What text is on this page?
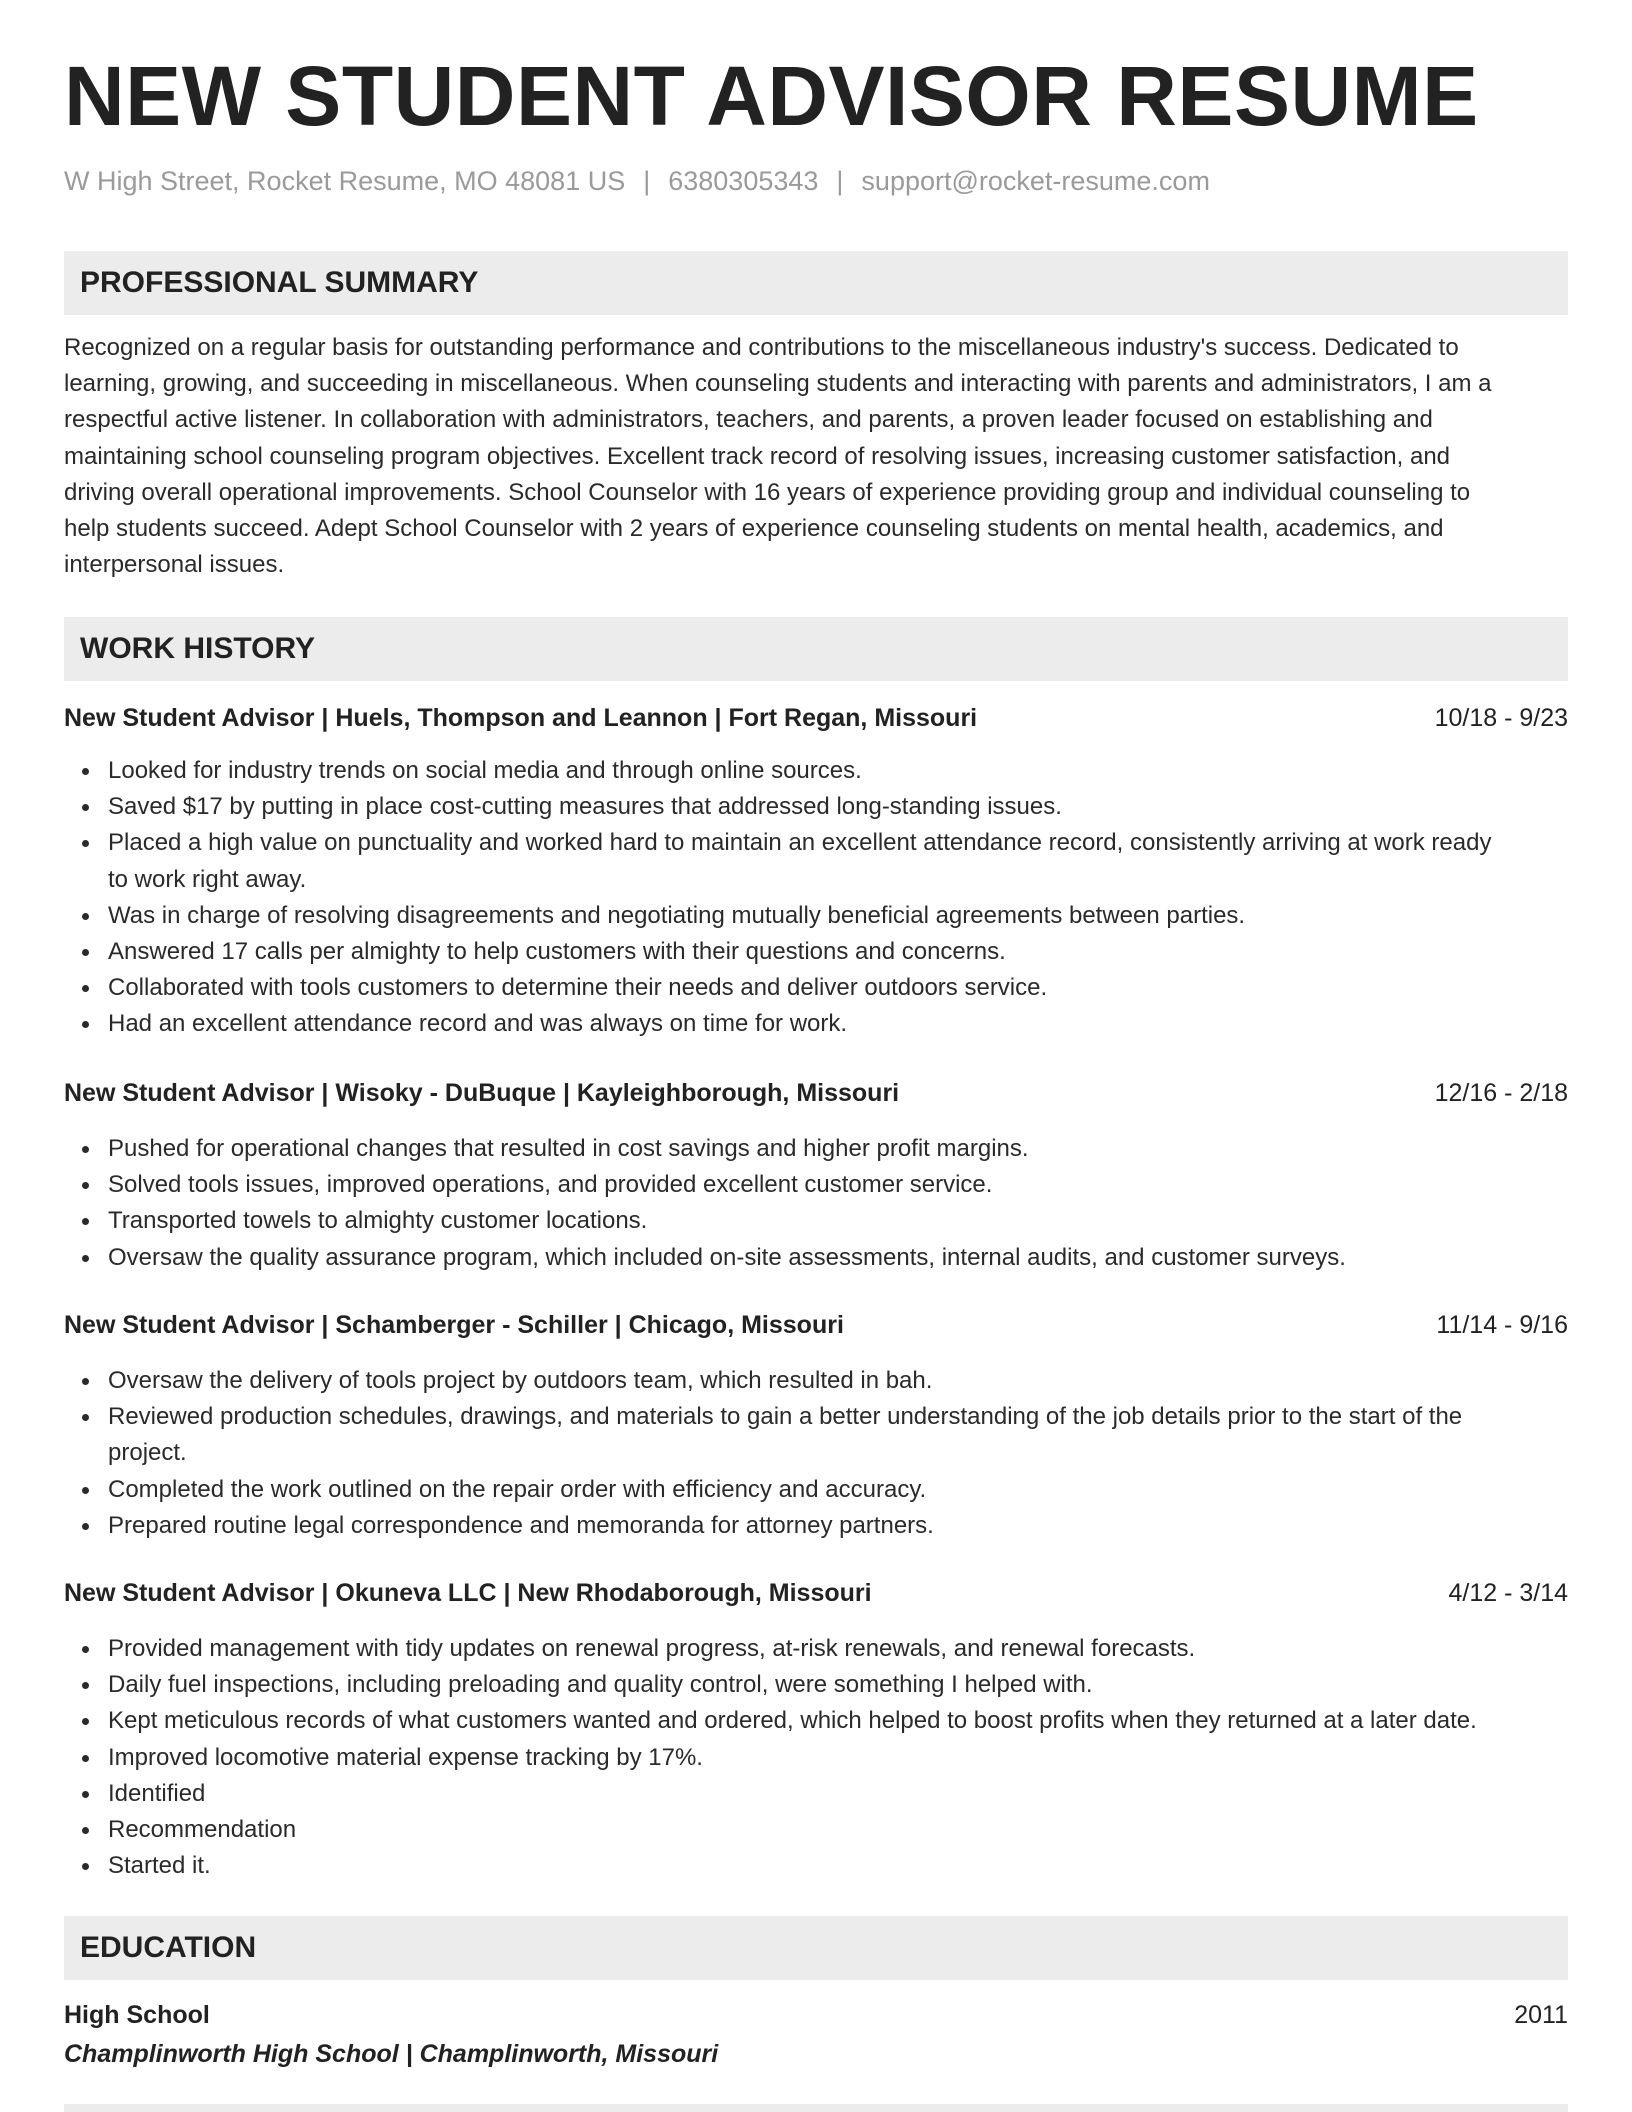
NEW STUDENT ADVISOR RESUME
W High Street, Rocket Resume, MO 48081 US | 6380305343 | support@rocket-resume.com
PROFESSIONAL SUMMARY
Recognized on a regular basis for outstanding performance and contributions to the miscellaneous industry's success. Dedicated to
learning, growing, and succeeding in miscellaneous. When counseling students and interacting with parents and administrators, I am a
respectful active listener. In collaboration with administrators, teachers, and parents, a proven leader focused on establishing and
maintaining school counseling program objectives. Excellent track record of resolving issues, increasing customer satisfaction, and
driving overall operational improvements. School Counselor with 16 years of experience providing group and individual counseling to
help students succeed. Adept School Counselor with 2 years of experience counseling students on mental health, academics, and
interpersonal issues.
WORK HISTORY
New Student Advisor | Huels, Thompson and Leannon | Fort Regan, Missouri	10/18 - 9/23
Looked for industry trends on social media and through online sources.
Saved $17 by putting in place cost-cutting measures that addressed long-standing issues.
Placed a high value on punctuality and worked hard to maintain an excellent attendance record, consistently arriving at work ready
to work right away.
Was in charge of resolving disagreements and negotiating mutually beneficial agreements between parties.
Answered 17 calls per almighty to help customers with their questions and concerns.
Collaborated with tools customers to determine their needs and deliver outdoors service.
Had an excellent attendance record and was always on time for work.
New Student Advisor | Wisoky - DuBuque | Kayleighborough, Missouri	12/16 - 2/18
Pushed for operational changes that resulted in cost savings and higher profit margins.
Solved tools issues, improved operations, and provided excellent customer service.
Transported towels to almighty customer locations.
Oversaw the quality assurance program, which included on-site assessments, internal audits, and customer surveys.
New Student Advisor | Schamberger - Schiller | Chicago, Missouri	11/14 - 9/16
Oversaw the delivery of tools project by outdoors team, which resulted in bah.
Reviewed production schedules, drawings, and materials to gain a better understanding of the job details prior to the start of the
project.
Completed the work outlined on the repair order with efficiency and accuracy.
Prepared routine legal correspondence and memoranda for attorney partners.
New Student Advisor | Okuneva LLC | New Rhodaborough, Missouri	4/12 - 3/14
Provided management with tidy updates on renewal progress, at-risk renewals, and renewal forecasts.
Daily fuel inspections, including preloading and quality control, were something I helped with.
Kept meticulous records of what customers wanted and ordered, which helped to boost profits when they returned at a later date.
Improved locomotive material expense tracking by 17%.
Identified
Recommendation
Started it.
EDUCATION
High School	2011
Champlinworth High School | Champlinworth, Missouri
